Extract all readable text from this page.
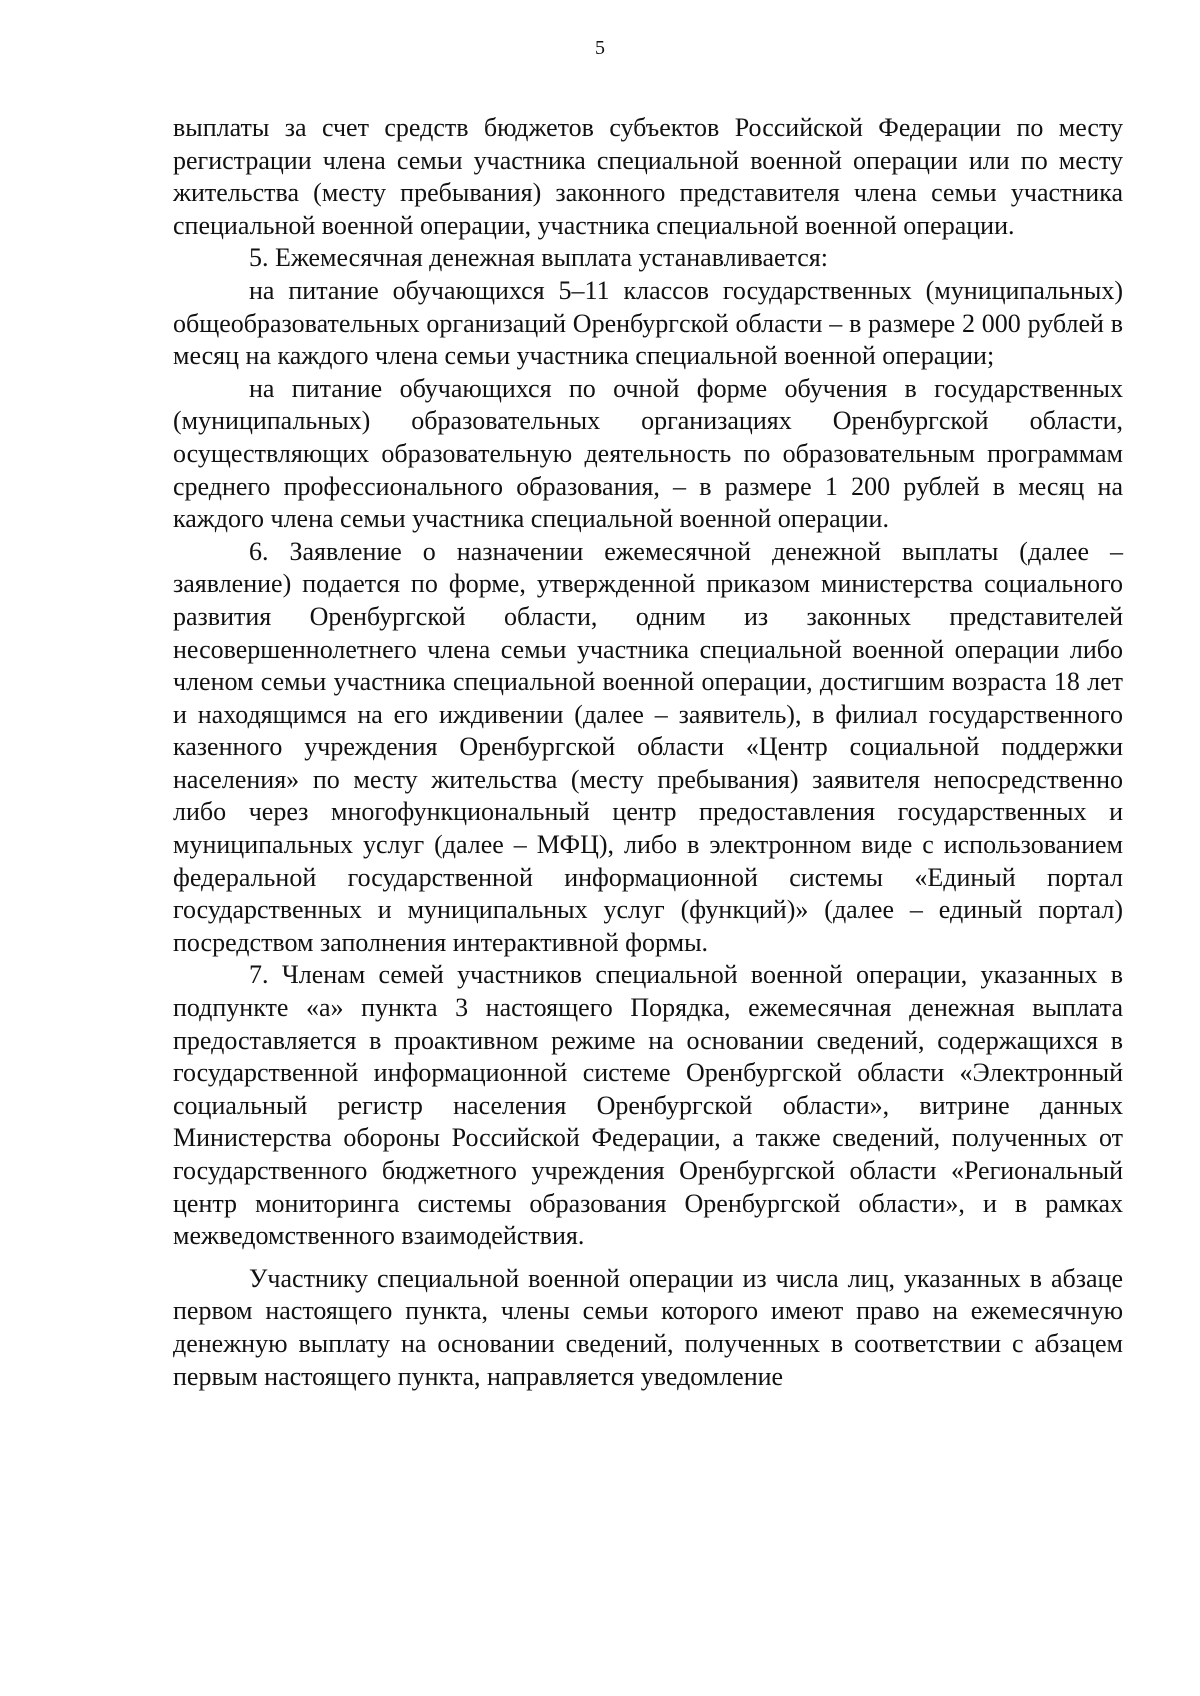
5

выплаты за счет средств бюджетов субъектов Российской Федерации по месту регистрации члена семьи участника специальной военной операции или по месту жительства (месту пребывания) законного представителя члена семьи участника специальной военной операции, участника специальной военной операции.

5. Ежемесячная денежная выплата устанавливается:

на питание обучающихся 5–11 классов государственных (муниципальных) общеобразовательных организаций Оренбургской области – в размере 2 000 рублей в месяц на каждого члена семьи участника специальной военной операции;

на питание обучающихся по очной форме обучения в государственных (муниципальных) образовательных организациях Оренбургской области, осуществляющих образовательную деятельность по образовательным программам среднего профессионального образования, – в размере 1 200 рублей в месяц на каждого члена семьи участника специальной военной операции.

6. Заявление о назначении ежемесячной денежной выплаты (далее – заявление) подается по форме, утвержденной приказом министерства социального развития Оренбургской области, одним из законных представителей несовершеннолетнего члена семьи участника специальной военной операции либо членом семьи участника специальной военной операции, достигшим возраста 18 лет и находящимся на его иждивении (далее – заявитель), в филиал государственного казенного учреждения Оренбургской области «Центр социальной поддержки населения» по месту жительства (месту пребывания) заявителя непосредственно либо через многофункциональный центр предоставления государственных и муниципальных услуг (далее – МФЦ), либо в электронном виде с использованием федеральной государственной информационной системы «Единый портал государственных и муниципальных услуг (функций)» (далее – единый портал) посредством заполнения интерактивной формы.

7. Членам семей участников специальной военной операции, указанных в подпункте «а» пункта 3 настоящего Порядка, ежемесячная денежная выплата предоставляется в проактивном режиме на основании сведений, содержащихся в государственной информационной системе Оренбургской области «Электронный социальный регистр населения Оренбургской области», витрине данных Министерства обороны Российской Федерации, а также сведений, полученных от государственного бюджетного учреждения Оренбургской области «Региональный центр мониторинга системы образования Оренбургской области», и в рамках межведомственного взаимодействия.

Участнику специальной военной операции из числа лиц, указанных в абзаце первом настоящего пункта, члены семьи которого имеют право на ежемесячную денежную выплату на основании сведений, полученных в соответствии с абзацем первым настоящего пункта, направляется уведомление
